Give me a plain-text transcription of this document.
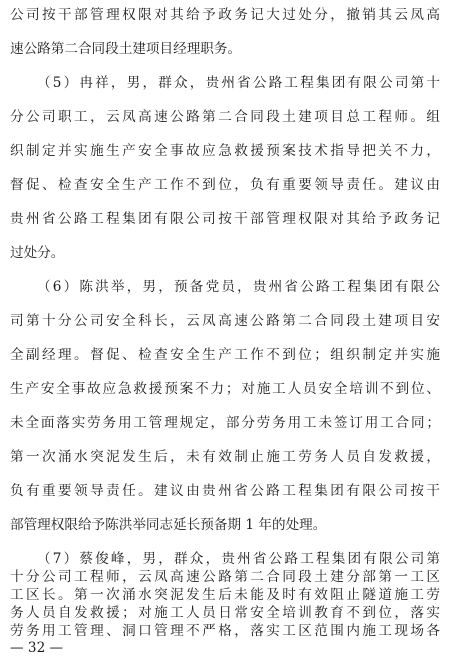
公司按干部管理权限对其给予政务记大过处分，撤销其云凤高
速公路第二合同段土建项目经理职务。
（5）冉祥，男，群众，贵州省公路工程集团有限公司第十
分公司职工，云凤高速公路第二合同段土建项目总工程师。组
织制定并实施生产安全事故应急救援预案技术指导把关不力，
督促、检查安全生产工作不到位，负有重要领导责任。建议由
贵州省公路工程集团有限公司按干部管理权限对其给予政务记
过处分。
（6）陈洪举，男，预备党员，贵州省公路工程集团有限公
司第十分公司安全科长，云凤高速公路第二合同段土建项目安
全副经理。督促、检查安全生产工作不到位；组织制定并实施
生产安全事故应急救援预案不力；对施工人员安全培训不到位、
未全面落实劳务用工管理规定，部分劳务用工未签订用工合同；
第一次涌水突泥发生后，未有效制止施工劳务人员自发救援，
负有重要领导责任。建议由贵州省公路工程集团有限公司按干
部管理权限给予陈洪举同志延长预备期 1 年的处理。
（7）蔡俊峰，男，群众，贵州省公路工程集团有限公司第
十分公司工程师，云凤高速公路第二合同段土建分部第一工区
工区长。第一次涌水突泥发生后未能及时有效阻止隧道施工劳
务人员自发救援；对施工人员日常安全培训教育不到位，落实
劳务用工管理、洞口管理不严格，落实工区范围内施工现场各
— 32 —
